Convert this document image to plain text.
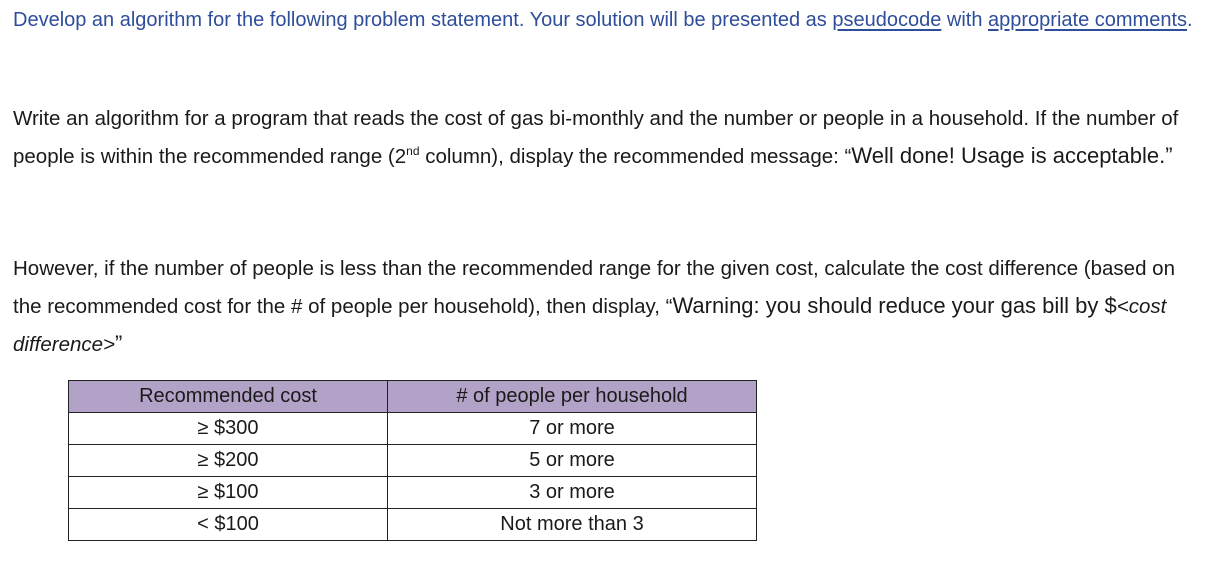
Develop an algorithm for the following problem statement. Your solution will be presented as pseudocode with appropriate comments.

Write an algorithm for a program that reads the cost of gas bi-monthly and the number or people in a household. If the number of people is within the recommended range (2nd column), display the recommended message: “Well done! Usage is acceptable.”

However, if the number of people is less than the recommended range for the given cost, calculate the cost difference (based on the recommended cost for the # of people per household), then display, “Warning: you should reduce your gas bill by $<cost difference>”

Recommended cost	# of people per household
≥ $300	7 or more
≥ $200	5 or more
≥ $100	3 or more
< $100	Not more than 3
